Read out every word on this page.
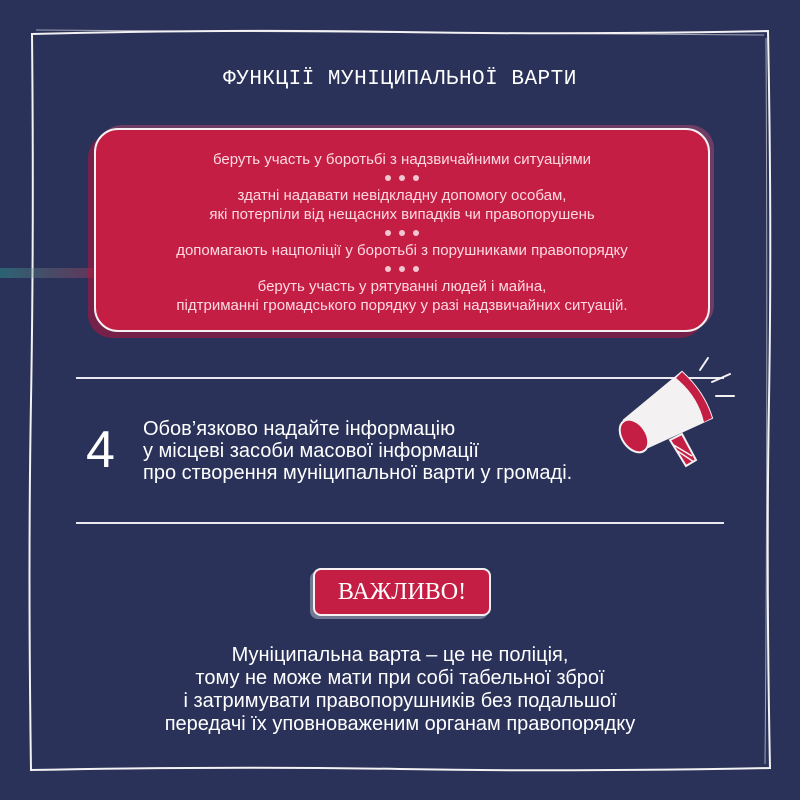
ФУНКЦІЇ МУНІЦИПАЛЬНОЇ ВАРТИ
беруть участь у боротьбі з надзвичайними ситуаціями
здатні надавати невідкладну допомогу особам,
які потерпіли від нещасних випадків чи правопорушень
допомагають нацполіції у боротьбі з порушниками правопорядку
беруть участь у рятуванні людей і майна,
підтриманні громадського порядку у разі надзвичайних ситуацій.
4 Обов’язково надайте інформацію
у місцеві засоби масової інформації
про створення муніципальної варти у громаді.
ВАЖЛИВО!
Муніципальна варта – це не поліція,
тому не може мати при собі табельної зброї
і затримувати правопорушників без подальшої
передачі їх уповноваженим органам правопорядку
